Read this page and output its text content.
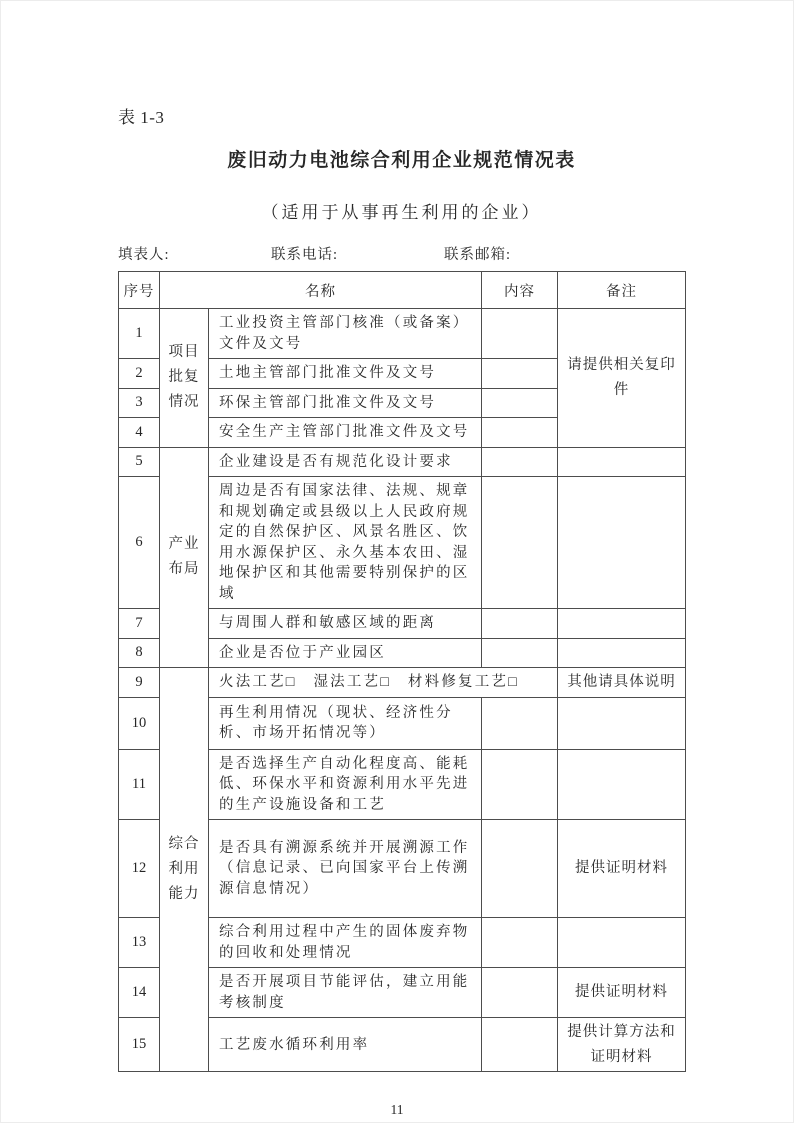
表 1-3
废旧动力电池综合利用企业规范情况表
（适用于从事再生利用的企业）
填表人:	联系电话:	联系邮箱:
序号	名称		内容	备注
1	项目批复情况	工业投资主管部门核准（或备案）文件及文号		请提供相关复印件
2		土地主管部门批准文件及文号		
3		环保主管部门批准文件及文号		
4		安全生产主管部门批准文件及文号		
5	产业布局	企业建设是否有规范化设计要求		
6		周边是否有国家法律、法规、规章和规划确定或县级以上人民政府规定的自然保护区、风景名胜区、饮用水源保护区、永久基本农田、湿地保护区和其他需要特别保护的区域		
7		与周围人群和敏感区域的距离		
8		企业是否位于产业园区		
9	综合利用能力	火法工艺□　湿法工艺□　材料修复工艺□		其他请具体说明
10		再生利用情况（现状、经济性分析、市场开拓情况等）		
11		是否选择生产自动化程度高、能耗低、环保水平和资源利用水平先进的生产设施设备和工艺		
12		是否具有溯源系统并开展溯源工作（信息记录、已向国家平台上传溯源信息情况）		提供证明材料
13		综合利用过程中产生的固体废弃物的回收和处理情况		
14		是否开展项目节能评估，建立用能考核制度		提供证明材料
15		工艺废水循环利用率		提供计算方法和证明材料
11
